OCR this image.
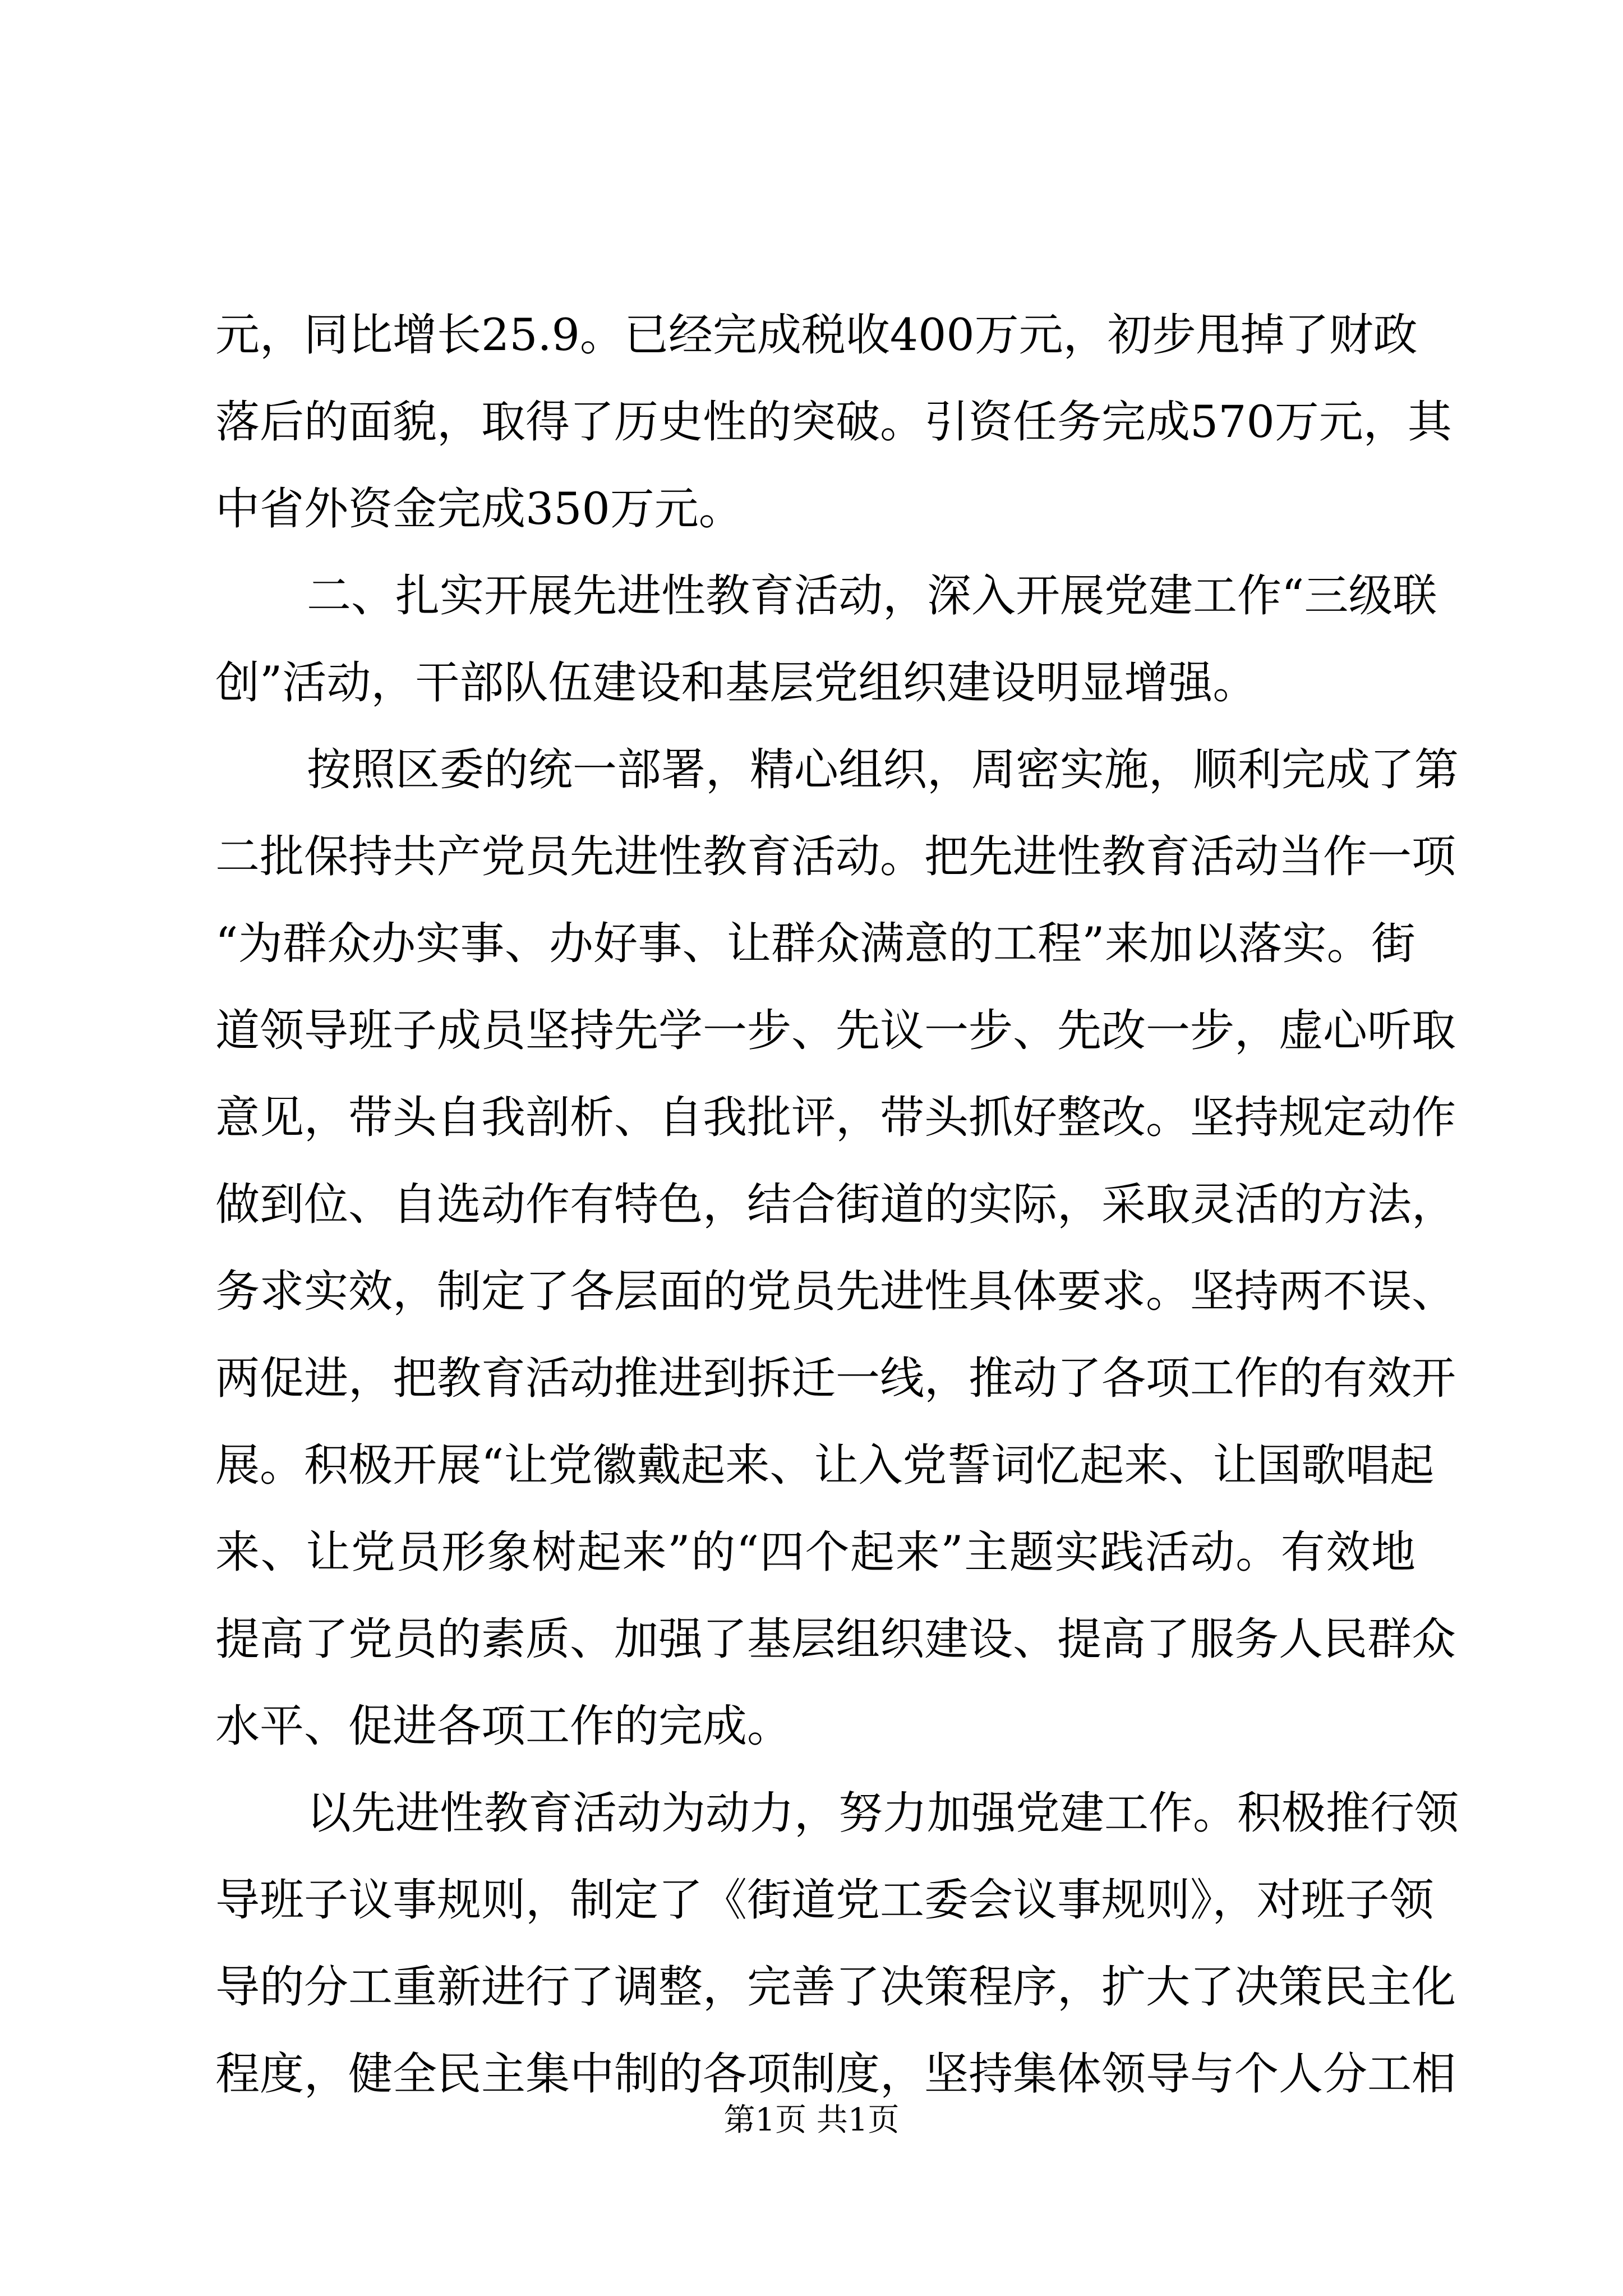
元，同比增长25.9。已经完成税收400万元，初步甩掉了财政
落后的面貌，取得了历史性的突破。引资任务完成570万元，其
中省外资金完成350万元。
二、扎实开展先进性教育活动，深入开展党建工作“三级联
创”活动，干部队伍建设和基层党组织建设明显增强。
按照区委的统一部署，精心组织，周密实施，顺利完成了第
二批保持共产党员先进性教育活动。把先进性教育活动当作一项
“为群众办实事、办好事、让群众满意的工程”来加以落实。街
道领导班子成员坚持先学一步、先议一步、先改一步，虚心听取
意见，带头自我剖析、自我批评，带头抓好整改。坚持规定动作
做到位、自选动作有特色，结合街道的实际，采取灵活的方法，
务求实效，制定了各层面的党员先进性具体要求。坚持两不误、
两促进，把教育活动推进到拆迁一线，推动了各项工作的有效开
展。积极开展“让党徽戴起来、让入党誓词忆起来、让国歌唱起
来、让党员形象树起来”的“四个起来”主题实践活动。有效地
提高了党员的素质、加强了基层组织建设、提高了服务人民群众
水平、促进各项工作的完成。
以先进性教育活动为动力，努力加强党建工作。积极推行领
导班子议事规则，制定了《街道党工委会议事规则》，对班子领
导的分工重新进行了调整，完善了决策程序，扩大了决策民主化
程度，健全民主集中制的各项制度，坚持集体领导与个人分工相
第1页 共1页
